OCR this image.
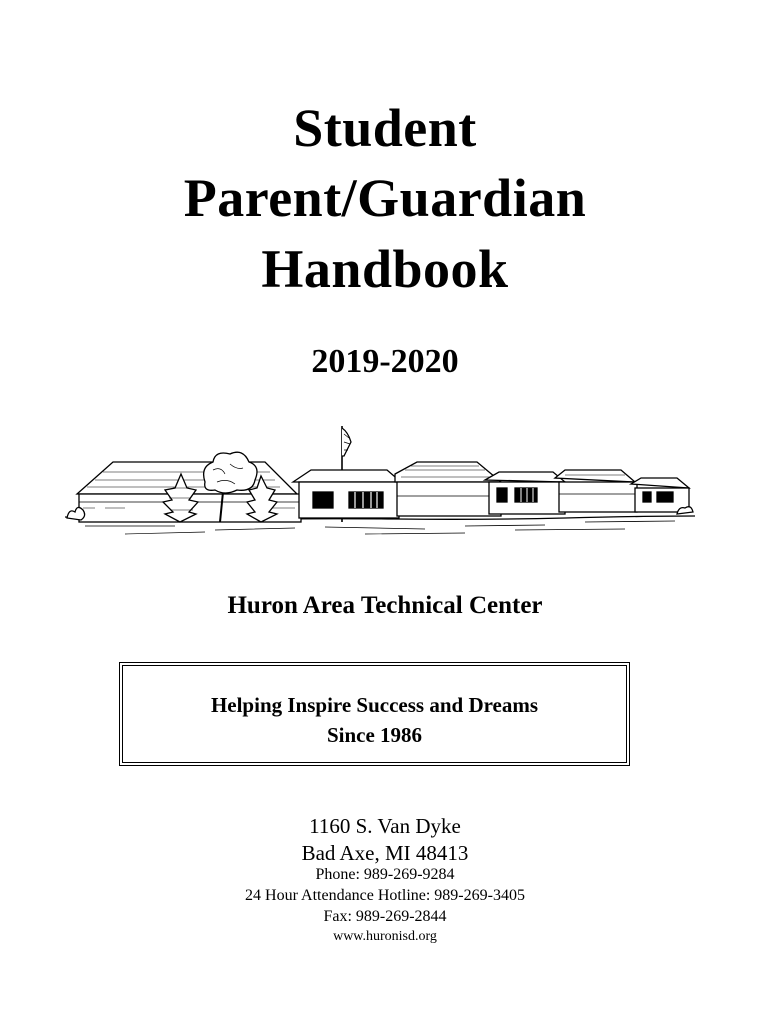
Student
Parent/Guardian
Handbook
2019-2020
Huron Area Technical Center
Helping Inspire Success and Dreams
Since 1986
1160 S. Van Dyke
Bad Axe, MI 48413
Phone: 989-269-9284
24 Hour Attendance Hotline: 989-269-3405
Fax: 989-269-2844
www.huronisd.org
